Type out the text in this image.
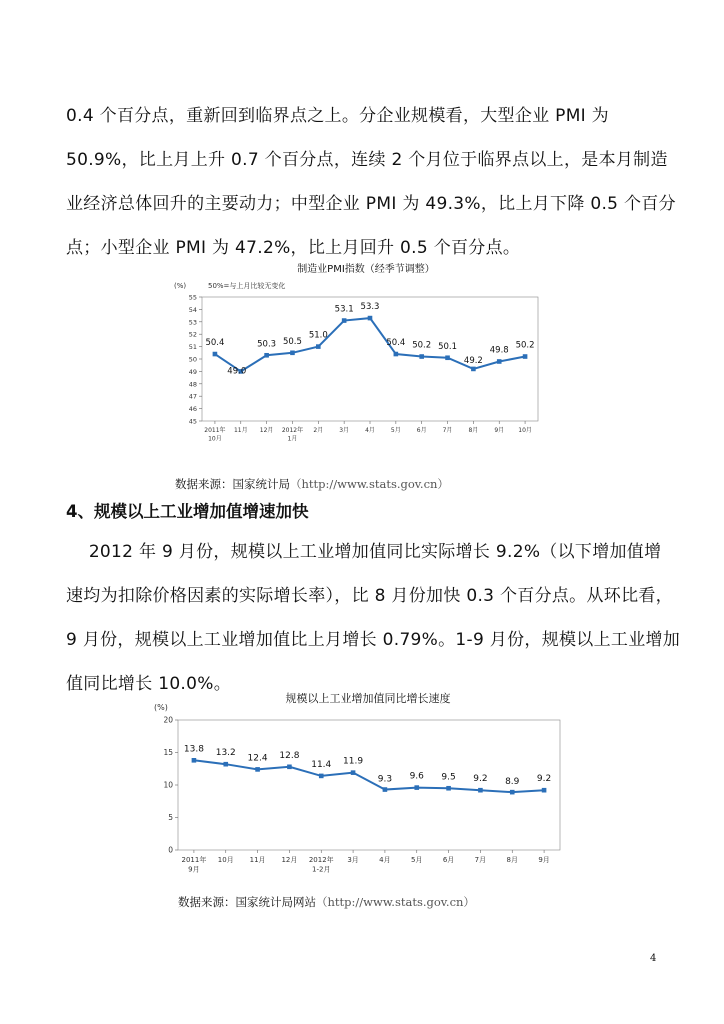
0.4 个百分点，重新回到临界点之上。分企业规模看，大型企业 PMI 为

50.9%，比上月上升 0.7 个百分点，连续 2 个月位于临界点以上，是本月制造

业经济总体回升的主要动力；中型企业 PMI 为 49.3%，比上月下降 0.5 个百分

点；小型企业 PMI 为 47.2%，比上月回升 0.5 个百分点。

制造业PMI指数（经季节调整）
(%)	50%=与上月比较无变化
45
46
47
48
49
50
51
52
53
54
55
2011年
10月
11月 12月 2012年
1月
2月	3月	4月	5月	6月	7月	8月	9月 10月
50.4
49.0
50.3 50.5
51.0
53.1 53.3
50.4 50.2 50.1
49.2
49.8 50.2
数据来源：国家统计局（http://www.stats.gov.cn）
4、规模以上工业增加值增速加快

2012 年 9 月份，规模以上工业增加值同比实际增长 9.2%（以下增加值增

速均为扣除价格因素的实际增长率），比 8 月份加快 0.3 个百分点。从环比看，

9 月份，规模以上工业增加值比上月增长 0.79%。1-9 月份，规模以上工业增加

值同比增长 10.0%。

规模以上工业增加值同比增长速度
(%)
0
5
10
15
20
2011年
9月
10月 11月 12月 2012年
1-2月
3月	4月	5月	6月	7月	8月	9月
13.8 13.2
12.4 12.8
11.4 11.9
9.3 9.6 9.5 9.2 8.9 9.2
数据来源：国家统计局网站（http://www.stats.gov.cn）
4
